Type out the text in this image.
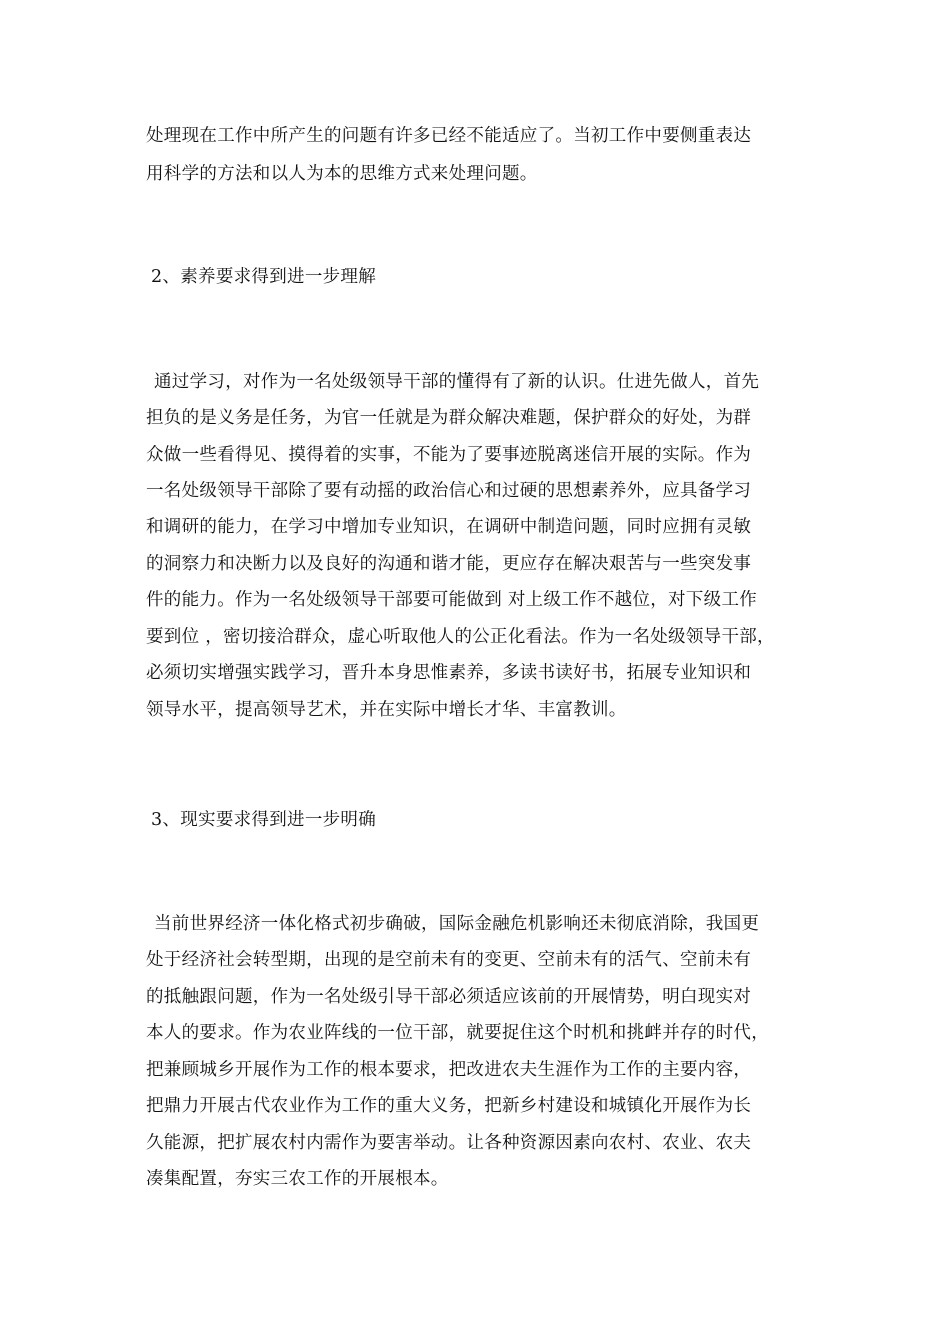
处理现在工作中所产生的问题有许多已经不能适应了。当初工作中要侧重表达
用科学的方法和以人为本的思维方式来处理问题。
2、素养要求得到进一步理解
通过学习，对作为一名处级领导干部的懂得有了新的认识。仕进先做人，首先
担负的是义务是任务，为官一任就是为群众解决难题，保护群众的好处，为群
众做一些看得见、摸得着的实事，不能为了要事迹脱离迷信开展的实际。作为
一名处级领导干部除了要有动摇的政治信心和过硬的思想素养外，应具备学习
和调研的能力，在学习中增加专业知识，在调研中制造问题，同时应拥有灵敏
的洞察力和决断力以及良好的沟通和谐才能，更应存在解决艰苦与一些突发事
件的能力。作为一名处级领导干部要可能做到 对上级工作不越位，对下级工作
要到位 ，密切接洽群众，虚心听取他人的公正化看法。作为一名处级领导干部，
必须切实增强实践学习，晋升本身思惟素养，多读书读好书，拓展专业知识和
领导水平，提高领导艺术，并在实际中增长才华、丰富教训。
3、现实要求得到进一步明确
当前世界经济一体化格式初步确破，国际金融危机影响还未彻底消除，我国更
处于经济社会转型期，出现的是空前未有的变更、空前未有的活气、空前未有
的抵触跟问题，作为一名处级引导干部必须适应该前的开展情势，明白现实对
本人的要求。作为农业阵线的一位干部，就要捉住这个时机和挑衅并存的时代，
把兼顾城乡开展作为工作的根本要求，把改进农夫生涯作为工作的主要内容，
把鼎力开展古代农业作为工作的重大义务，把新乡村建设和城镇化开展作为长
久能源，把扩展农村内需作为要害举动。让各种资源因素向农村、农业、农夫
凑集配置，夯实三农工作的开展根本。
